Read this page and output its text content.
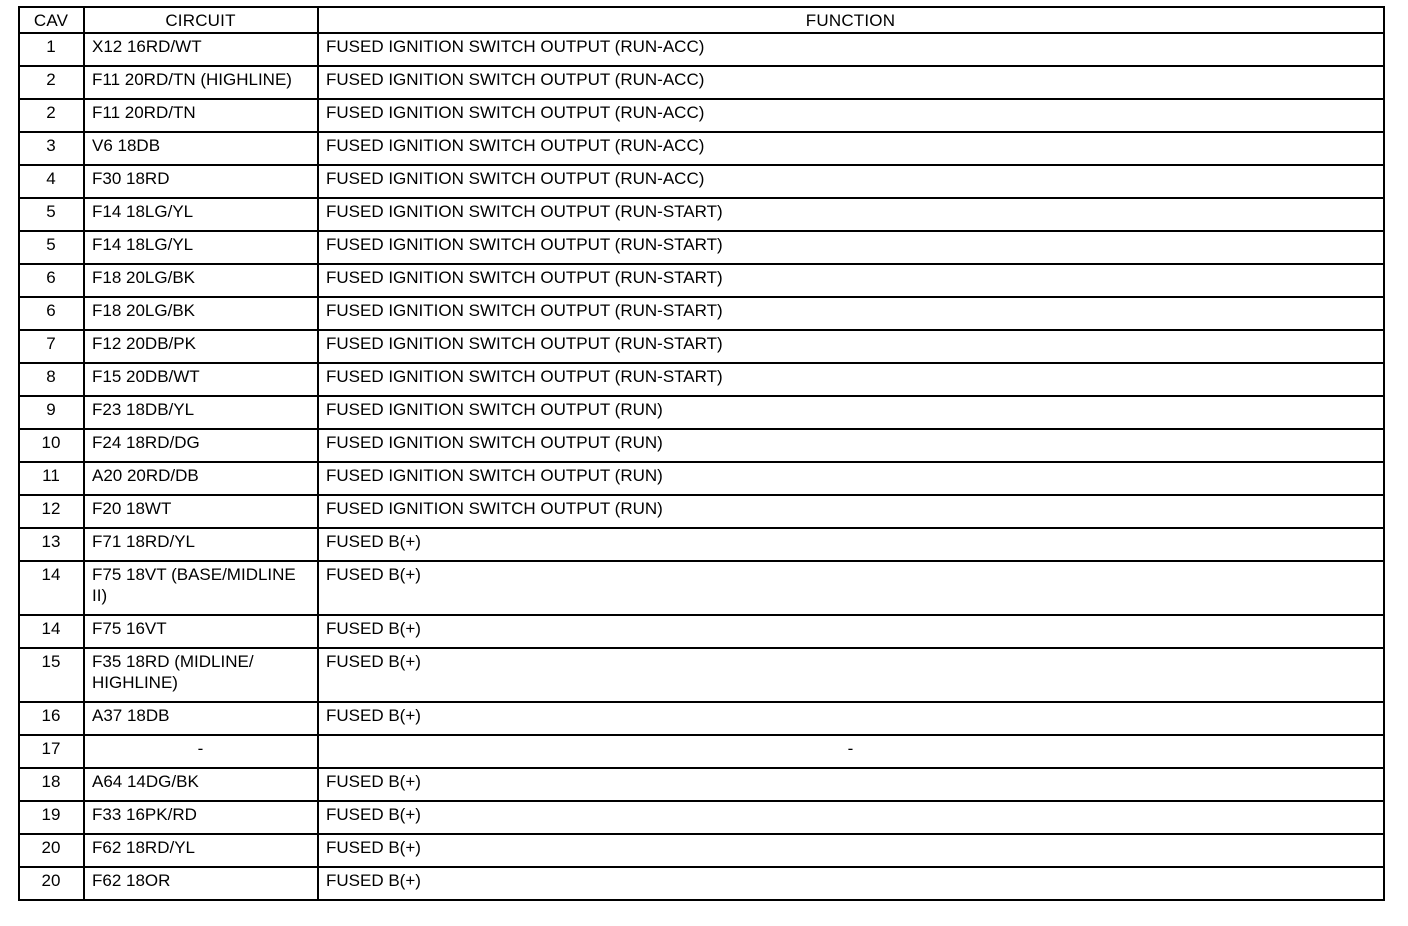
CAV	CIRCUIT	FUNCTION
1	X12 16RD/WT	FUSED IGNITION SWITCH OUTPUT (RUN-ACC)
2	F11 20RD/TN (HIGHLINE)	FUSED IGNITION SWITCH OUTPUT (RUN-ACC)
2	F11 20RD/TN	FUSED IGNITION SWITCH OUTPUT (RUN-ACC)
3	V6 18DB	FUSED IGNITION SWITCH OUTPUT (RUN-ACC)
4	F30 18RD	FUSED IGNITION SWITCH OUTPUT (RUN-ACC)
5	F14 18LG/YL	FUSED IGNITION SWITCH OUTPUT (RUN-START)
5	F14 18LG/YL	FUSED IGNITION SWITCH OUTPUT (RUN-START)
6	F18 20LG/BK	FUSED IGNITION SWITCH OUTPUT (RUN-START)
6	F18 20LG/BK	FUSED IGNITION SWITCH OUTPUT (RUN-START)
7	F12 20DB/PK	FUSED IGNITION SWITCH OUTPUT (RUN-START)
8	F15 20DB/WT	FUSED IGNITION SWITCH OUTPUT (RUN-START)
9	F23 18DB/YL	FUSED IGNITION SWITCH OUTPUT (RUN)
10	F24 18RD/DG	FUSED IGNITION SWITCH OUTPUT (RUN)
11	A20 20RD/DB	FUSED IGNITION SWITCH OUTPUT (RUN)
12	F20 18WT	FUSED IGNITION SWITCH OUTPUT (RUN)
13	F71 18RD/YL	FUSED B(+)
14	F75 18VT (BASE/MIDLINE II)	FUSED B(+)
14	F75 16VT	FUSED B(+)
15	F35 18RD (MIDLINE/ HIGHLINE)	FUSED B(+)
16	A37 18DB	FUSED B(+)
17	-	-
18	A64 14DG/BK	FUSED B(+)
19	F33 16PK/RD	FUSED B(+)
20	F62 18RD/YL	FUSED B(+)
20	F62 18OR	FUSED B(+)
